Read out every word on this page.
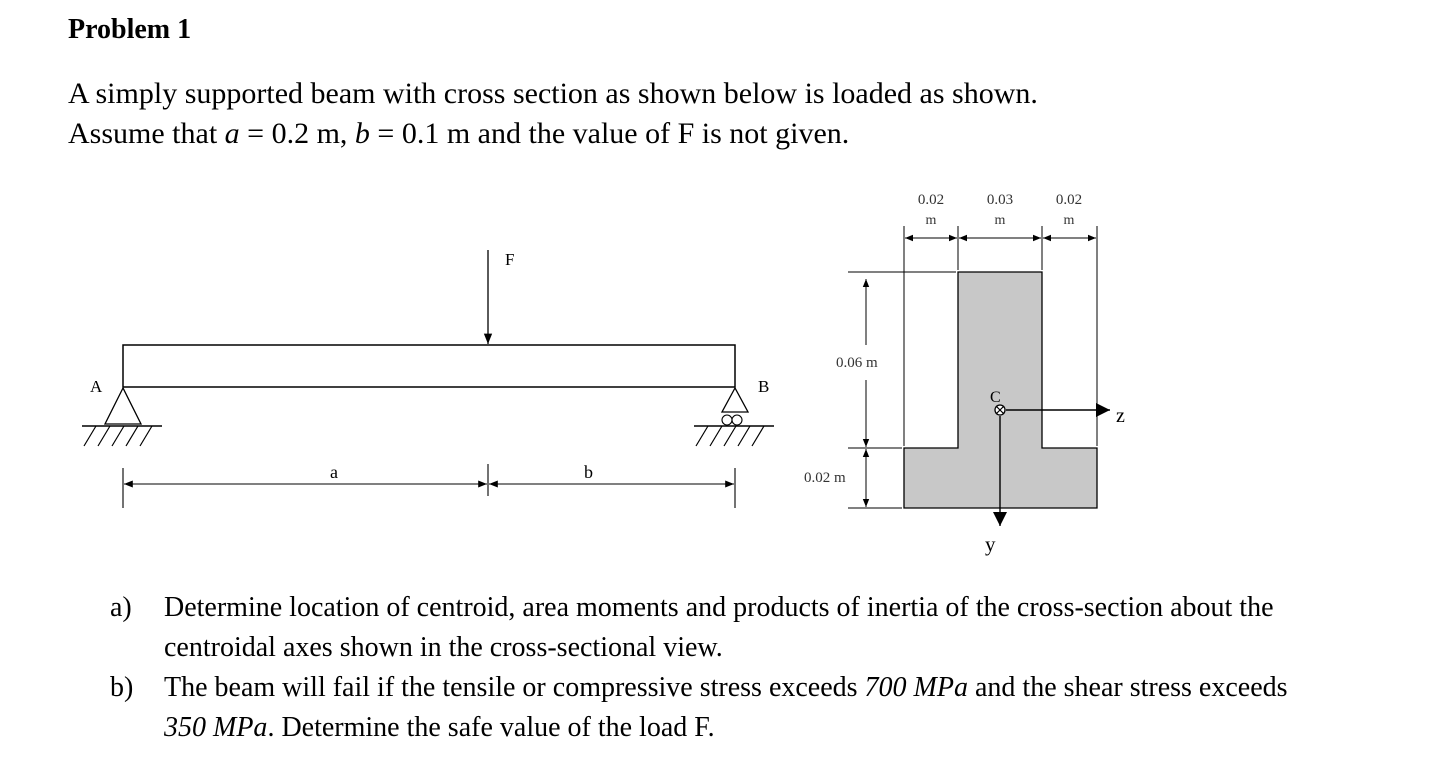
Problem 1

A simply supported beam with cross section as shown below is loaded as shown.
Assume that a = 0.2 m, b = 0.1 m and the value of F is not given.

F
A	B
a	b
0.02
m
0.03
m
0.02
m
0.06 m
0.02 m
C
z
y
a)	Determine location of centroid, area moments and products of inertia of the cross-section about the centroidal axes shown in the cross-sectional view.
b)	The beam will fail if the tensile or compressive stress exceeds 700 MPa and the shear stress exceeds 350 MPa. Determine the safe value of the load F.
